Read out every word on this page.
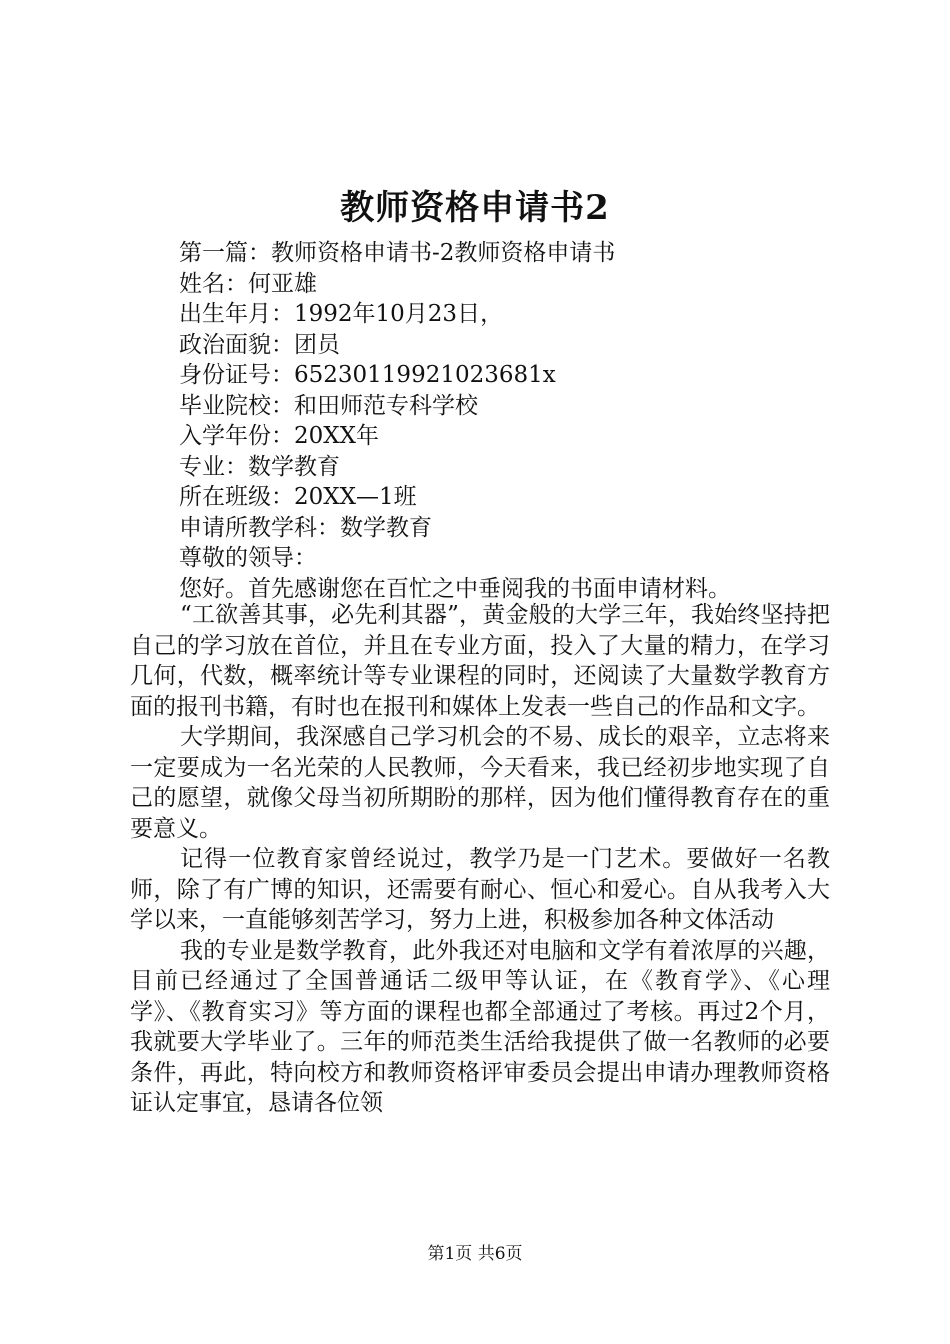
教师资格申请书2
第一篇：教师资格申请书-2教师资格申请书
姓名：何亚雄
出生年月：1992年10月23日，
政治面貌：团员
身份证号：65230119921023681x
毕业院校：和田师范专科学校
入学年份：20XX年
专业：数学教育
所在班级：20XX—1班
申请所教学科：数学教育
尊敬的领导：
您好。首先感谢您在百忙之中垂阅我的书面申请材料。

“工欲善其事，必先利其器”，黄金般的大学三年，我始终坚持把自己的学习放在首位，并且在专业方面，投入了大量的精力，在学习几何，代数，概率统计等专业课程的同时，还阅读了大量数学教育方面的报刊书籍，有时也在报刊和媒体上发表一些自己的作品和文字。

大学期间，我深感自己学习机会的不易、成长的艰辛，立志将来一定要成为一名光荣的人民教师，今天看来，我已经初步地实现了自己的愿望，就像父母当初所期盼的那样，因为他们懂得教育存在的重要意义。

记得一位教育家曾经说过，教学乃是一门艺术。要做好一名教师，除了有广博的知识，还需要有耐心、恒心和爱心。自从我考入大学以来，一直能够刻苦学习，努力上进，积极参加各种文体活动

我的专业是数学教育，此外我还对电脑和文学有着浓厚的兴趣，目前已经通过了全国普通话二级甲等认证，在《教育学》、《心理学》、《教育实习》等方面的课程也都全部通过了考核。再过2个月，我就要大学毕业了。三年的师范类生活给我提供了做一名教师的必要条件，再此，特向校方和教师资格评审委员会提出申请办理教师资格证认定事宜，恳请各位领

第1页 共6页
